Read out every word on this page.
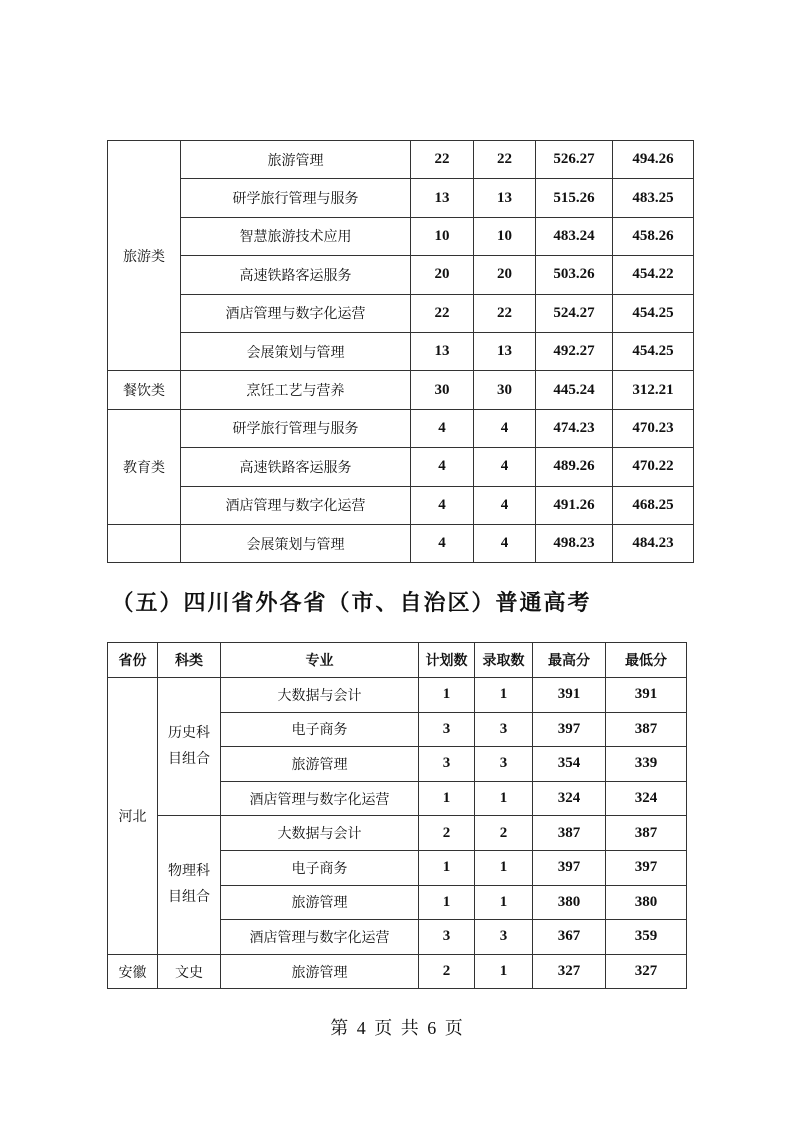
旅游类	旅游管理	22	22	526.27	494.26
	研学旅行管理与服务	13	13	515.26	483.25
	智慧旅游技术应用	10	10	483.24	458.26
	高速铁路客运服务	20	20	503.26	454.22
	酒店管理与数字化运营	22	22	524.27	454.25
	会展策划与管理	13	13	492.27	454.25
餐饮类	烹饪工艺与营养	30	30	445.24	312.21
教育类	研学旅行管理与服务	4	4	474.23	470.23
	高速铁路客运服务	4	4	489.26	470.22
	酒店管理与数字化运营	4	4	491.26	468.25
	会展策划与管理	4	4	498.23	484.23
（五）四川省外各省（市、自治区）普通高考
省份	科类	专业	计划数	录取数	最高分	最低分
河北	历史科目组合	大数据与会计	1	1	391	391
		电子商务	3	3	397	387
		旅游管理	3	3	354	339
		酒店管理与数字化运营	1	1	324	324
	物理科目组合	大数据与会计	2	2	387	387
		电子商务	1	1	397	397
		旅游管理	1	1	380	380
		酒店管理与数字化运营	3	3	367	359
安徽	文史	旅游管理	2	1	327	327
第 4 页 共 6 页
